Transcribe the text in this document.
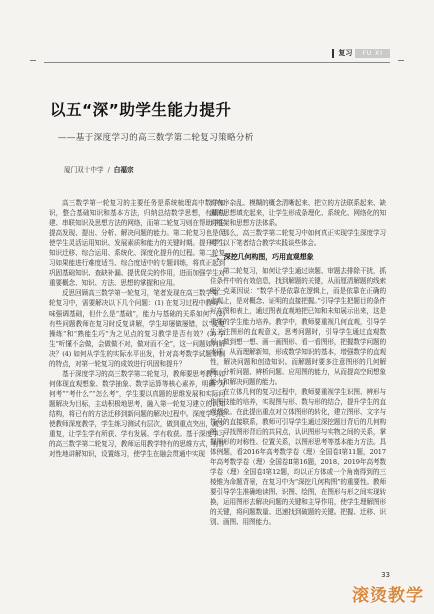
复习	FU XI
以五“深”助学生能力提升
——基于深度学习的高三数学第二轮复习策略分析
厦门双十中学 / 白福宗

高三数学第一轮复习的主要任务是系统梳理高中数学知识，整合基础知识和基本方法，归纳总结数学思想，有机构建、串联知识及思想方法的网络，而第二轮复习则在帮助学生提高发现、提出、分析、解决问题的能力。第二轮复习也是促使学生灵活运用知识、发展素质和能力的关键时期。提升学生知识迁移、综合运用、系统化、深度化提升的过程。第二轮复习如果能进行难度适当、综合度适中的专题训练，将真正起到巩固基础知识、查缺补漏、提优促尖的作用，进而加强学生对重要概念、知识、方法、思想的掌握和应用。

反思回顾高三数学第一轮复习，笔者发现在高三数学第二轮复习中，需要解决以下几个问题：(1) 在复习过程中教师一味强调基础，但什么是“基础”，能力与基础的关系如何？(2) 有些问题教师在复习时反复讲解，学生却屡做屡错，以“反复操练”和“熟能生巧”为之见点的复习教学是否有效？(3) 学生“听懂不会做，会做做不对，做对而不全”，这一问题如何解决？(4) 如何从学生的实际水平出发，针对高考数学试题命制的特点，对第一轮复习的成效进行巩固和提升？

基于深度学习的高三数学第二轮复习，教师要思考教学如何体现直观想象、数学抽象、数学运算等核心素养，明确“为何考”“考什么”“怎么考”，学生要以真题的思维发展和实际问题解决为目标，主动积极地思考，融入第一轮复习建立的认知结构，将已有的方法迁移到新问题的解决过程中。深度学习促使教师深度教学，学生练习测试有层次，做到重点突出，减少重复，让学生学有所获、学有发展、学有收获。基于深度学习的高三数学第二轮复习，教师运用教学特有的思维方式，有针对性地讲解知识，设置练习，使学生在融会贯通中实现

识有序杂乱、模糊的概念清晰起来、把立的方法联系起来、缺漏的思想填充起来，让学生形成条理化、系统化、网络化的知识框架和思想方法体系。

那么，高三数学第二轮复习中如何真正实现学生深度学习呢？以下笔者结合教学实践谈些体会。

一、深挖几何构图，巧用直观想象

第二轮复习，如何让学生通过读题、审题去排除干扰，抓住条件中的有效信息，找到解题的关键，从而厘清解题的线索呢？克莱因说：“数学不是依靠在逻辑上，而是依靠在正确的直观上，是对概念、证明的直接把握。”引导学生把题目的条件写在图和表上，通过图表直观地把已知和未知展示出来，这是重要的学生能力培养。教学中，教师要重视几何直观，引导学生关注图形的直观意义，思考问题时，引导学生通过直观数形，做到想一想、画一画图形、看一看图形，把握数学问题的本质，从而理解新知，形成数学知识的基本，增强数学的直观性，解决问题和创造知识。而解题时要多注意图形的几何解释，分析问题、辨析问题、应用图的能力，从而提高空间想象能力和解决问题的能力。

在立体几何的复习过程中，教师要重视学生识图、辨形与作图技能的培养，实现图与形、数与形的结合，提升学生的直观想象。在此提出重点对立体图形的转化，建立图形、文字与符号的直接联系，教师可引导学生通过深挖题目背后的几何构图，寻找图形背后的共同点，认识图形与实物之间的关系，掌握图形的对称性、位置关系，以图形思考等基本能力方法。具体例题，看2016年高考数学卷（理）全国卷Ⅰ第11题，2017年高考数学卷（理）全国卷Ⅱ第16题，2018、2019年高考数学卷（理）全国卷Ⅰ第12题，均以正方体或一个角南得到的三棱锥为命题背景，在复习中为“深挖几何构图”的重要性。教师要引导学生准确地读图、识图、绘图，在图形与形之间实现转换，运用图形去解决问题的关键和主导作用，使学生理解图形的关键，将问题数量、迅速找到破题的关键。把握、迁移、识别、画图、用图能力。

33
滚烫教学
